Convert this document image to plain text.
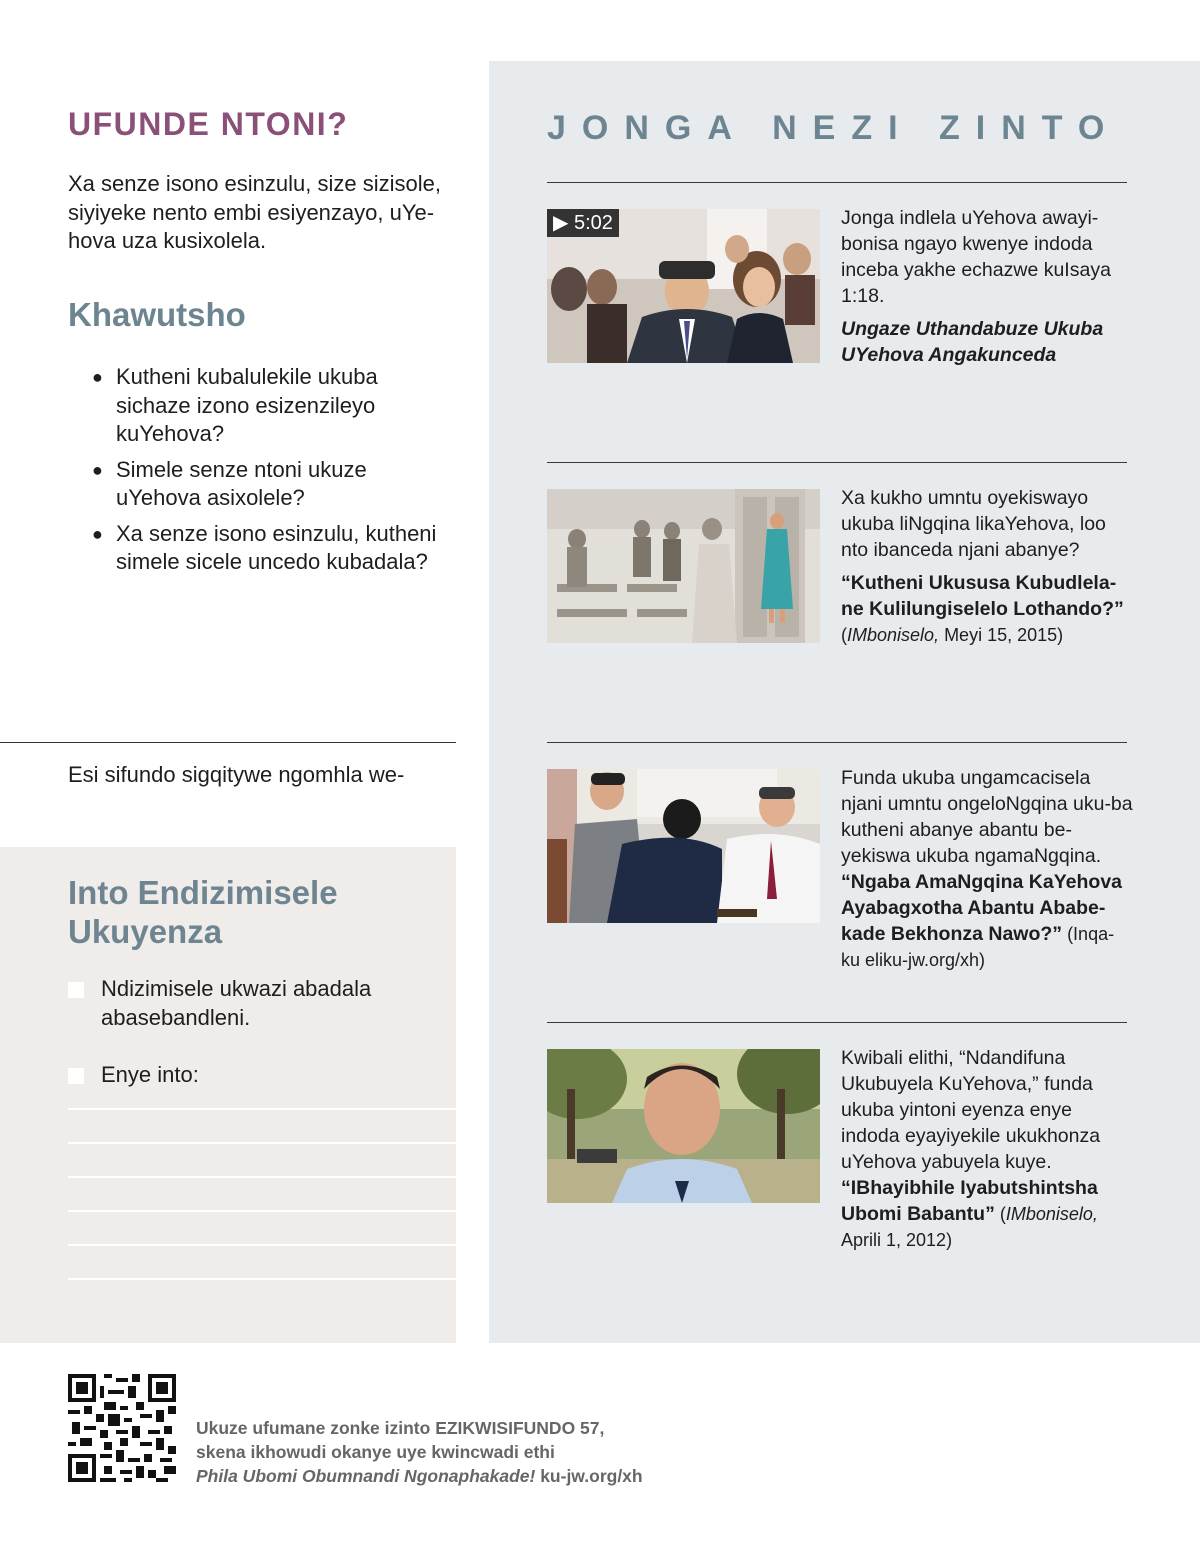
UFUNDE NTONI?

Xa senze isono esinzulu, size sizisole, siyiyeke nento embi esiyenzayo, uYe-hova uza kusixolela.

Khawutsho
● Kutheni kubalulekile ukuba sichaze izono esizenzileyo kuYehova?
● Simele senze ntoni ukuze uYehova asixolele?
● Xa senze isono esinzulu, kutheni simele sicele uncedo kubadala?

Esi sifundo sigqitywe ngomhla we-

Into Endizimisele Ukuyenza
Ndizimisele ukwazi abadala abasebandleni.
Enye into:
JONGA NEZI ZINTO
▶ 5:02	Jonga indlela uYehova awayi-bonisa ngayo kwenye indoda inceba yakhe echazwe kuIsaya 1:18.
Ungaze Uthandabuze Ukuba UYehova Angakunceda
Xa kukho umntu oyekiswayo ukuba liNgqina likaYehova, loo nto ibanceda njani abanye?
“Kutheni Ukususa Kubudlela-ne Kulilungiselelo Lothando?”
(IMboniselo, Meyi 15, 2015)
Funda ukuba ungamcacisela njani umntu ongeloNgqina uku-ba kutheni abanye abantu be-yekiswa ukuba ngamaNgqina. “Ngaba AmaNgqina KaYehova Ayabagxotha Abantu Ababe-kade Bekhonza Nawo?” (Inqa-ku eliku-jw.org/xh)
Kwibali elithi, “Ndandifuna Ukubuyela KuYehova,” funda ukuba yintoni eyenza enye indoda eyayiyekile ukukhonza uYehova yabuyela kuye. “IBhayibhile Iyabutshintsha Ubomi Babantu” (IMboniselo, Aprili 1, 2012)
Ukuze ufumane zonke izinto EZIKWISIFUNDO 57,
skena ikhowudi okanye uye kwincwadi ethi
Phila Ubomi Obumnandi Ngonaphakade! ku-jw.org/xh
